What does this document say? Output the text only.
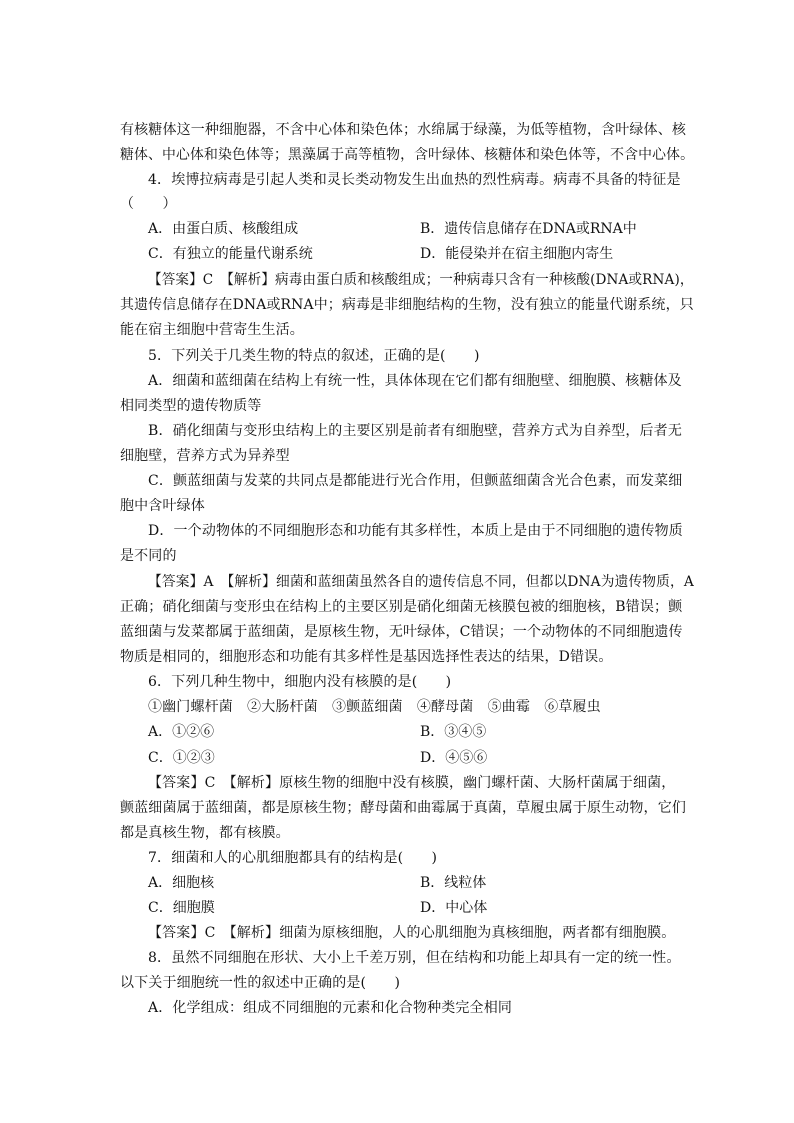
有核糖体这一种细胞器，不含中心体和染色体；水绵属于绿藻，为低等植物，含叶绿体、核
糖体、中心体和染色体等；黑藻属于高等植物，含叶绿体、核糖体和染色体等，不含中心体。
4．埃博拉病毒是引起人类和灵长类动物发生出血热的烈性病毒。病毒不具备的特征是
（　　）
A．由蛋白质、核酸组成	B．遗传信息储存在DNA或RNA中
C．有独立的能量代谢系统	D．能侵染并在宿主细胞内寄生
【答案】C　【解析】病毒由蛋白质和核酸组成；一种病毒只含有一种核酸(DNA或RNA)，
其遗传信息储存在DNA或RNA中；病毒是非细胞结构的生物，没有独立的能量代谢系统，只
能在宿主细胞中营寄生生活。
5．下列关于几类生物的特点的叙述，正确的是(　　)
A．细菌和蓝细菌在结构上有统一性，具体体现在它们都有细胞壁、细胞膜、核糖体及
相同类型的遗传物质等
B．硝化细菌与变形虫结构上的主要区别是前者有细胞壁，营养方式为自养型，后者无
细胞壁，营养方式为异养型
C．颤蓝细菌与发菜的共同点是都能进行光合作用，但颤蓝细菌含光合色素，而发菜细
胞中含叶绿体
D．一个动物体的不同细胞形态和功能有其多样性，本质上是由于不同细胞的遗传物质
是不同的
【答案】A　【解析】细菌和蓝细菌虽然各自的遗传信息不同，但都以DNA为遗传物质，A
正确；硝化细菌与变形虫在结构上的主要区别是硝化细菌无核膜包被的细胞核，B错误；颤
蓝细菌与发菜都属于蓝细菌，是原核生物，无叶绿体，C错误；一个动物体的不同细胞遗传
物质是相同的，细胞形态和功能有其多样性是基因选择性表达的结果，D错误。
6．下列几种生物中，细胞内没有核膜的是(　　)
①幽门螺杆菌　②大肠杆菌　③颤蓝细菌　④酵母菌　⑤曲霉　⑥草履虫
A．①②⑥	B．③④⑤
C．①②③	D．④⑤⑥
【答案】C　【解析】原核生物的细胞中没有核膜，幽门螺杆菌、大肠杆菌属于细菌，
颤蓝细菌属于蓝细菌，都是原核生物；酵母菌和曲霉属于真菌，草履虫属于原生动物，它们
都是真核生物，都有核膜。
7．细菌和人的心肌细胞都具有的结构是(　　)
A．细胞核	B．线粒体
C．细胞膜	D．中心体
【答案】C　【解析】细菌为原核细胞，人的心肌细胞为真核细胞，两者都有细胞膜。
8．虽然不同细胞在形状、大小上千差万别，但在结构和功能上却具有一定的统一性。
以下关于细胞统一性的叙述中正确的是(　　)
A．化学组成：组成不同细胞的元素和化合物种类完全相同
